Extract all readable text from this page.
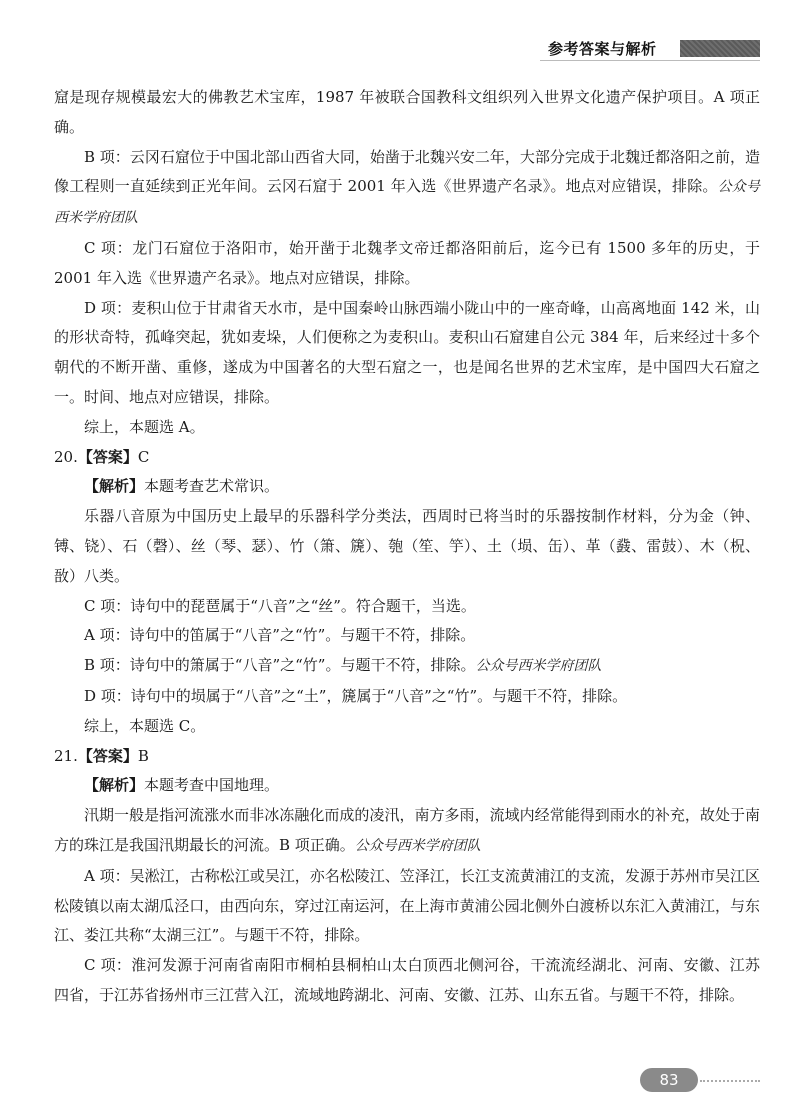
参考答案与解析

窟是现存规模最宏大的佛教艺术宝库，1987 年被联合国教科文组织列入世界文化遗产保护项目。A 项正确。

B 项：云冈石窟位于中国北部山西省大同，始凿于北魏兴安二年，大部分完成于北魏迁都洛阳之前，造像工程则一直延续到正光年间。云冈石窟于 2001 年入选《世界遗产名录》。地点对应错误，排除。公众号西米学府团队

C 项：龙门石窟位于洛阳市，始开凿于北魏孝文帝迁都洛阳前后，迄今已有 1500 多年的历史，于 2001 年入选《世界遗产名录》。地点对应错误，排除。

D 项：麦积山位于甘肃省天水市，是中国秦岭山脉西端小陇山中的一座奇峰，山高离地面 142 米，山的形状奇特，孤峰突起，犹如麦垛，人们便称之为麦积山。麦积山石窟建自公元 384 年，后来经过十多个朝代的不断开凿、重修，遂成为中国著名的大型石窟之一，也是闻名世界的艺术宝库，是中国四大石窟之一。时间、地点对应错误，排除。

综上，本题选 A。

20.【答案】C

【解析】本题考查艺术常识。

乐器八音原为中国历史上最早的乐器科学分类法，西周时已将当时的乐器按制作材料，分为金（钟、镈、铙）、石（磬）、丝（琴、瑟）、竹（箫、篪）、匏（笙、竽）、土（埙、缶）、革（鼗、雷鼓）、木（柷、敔）八类。

C 项：诗句中的琵琶属于“八音”之“丝”。符合题干，当选。

A 项：诗句中的笛属于“八音”之“竹”。与题干不符，排除。

B 项：诗句中的箫属于“八音”之“竹”。与题干不符，排除。公众号西米学府团队

D 项：诗句中的埙属于“八音”之“土”，篪属于“八音”之“竹”。与题干不符，排除。

综上，本题选 C。

21.【答案】B

【解析】本题考查中国地理。

汛期一般是指河流涨水而非冰冻融化而成的凌汛，南方多雨，流域内经常能得到雨水的补充，故处于南方的珠江是我国汛期最长的河流。B 项正确。公众号西米学府团队

A 项：吴淞江，古称松江或吴江，亦名松陵江、笠泽江，长江支流黄浦江的支流，发源于苏州市吴江区松陵镇以南太湖瓜泾口，由西向东，穿过江南运河，在上海市黄浦公园北侧外白渡桥以东汇入黄浦江，与东江、娄江共称“太湖三江”。与题干不符，排除。

C 项：淮河发源于河南省南阳市桐柏县桐柏山太白顶西北侧河谷，干流流经湖北、河南、安徽、江苏四省，于江苏省扬州市三江营入江，流域地跨湖北、河南、安徽、江苏、山东五省。与题干不符，排除。

83
